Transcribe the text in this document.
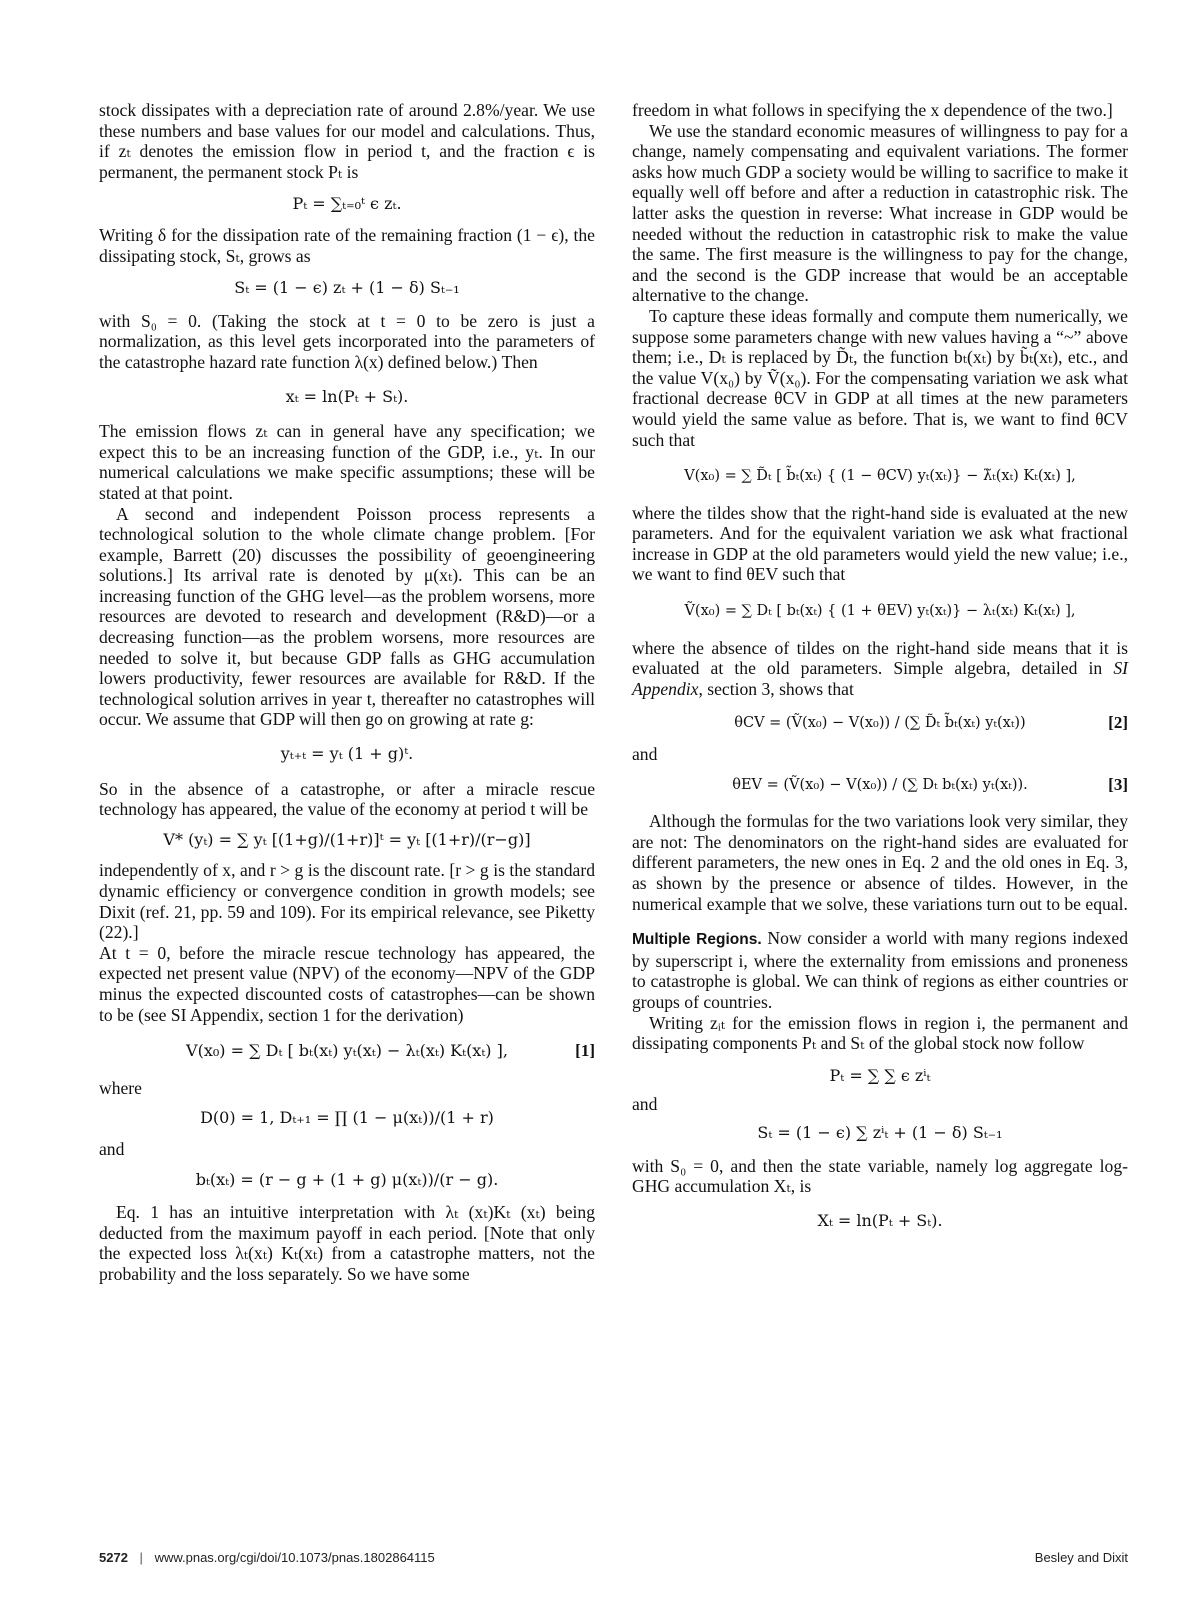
stock dissipates with a depreciation rate of around 2.8%/year. We use these numbers and base values for our model and calculations. Thus, if zₜ denotes the emission flow in period t, and the fraction ϵ is permanent, the permanent stock Pₜ is

Pₜ = ∑ₜ₌₀ᵗ ϵ zₜ.

Writing δ for the dissipation rate of the remaining fraction (1 − ϵ), the dissipating stock, Sₜ, grows as

Sₜ = (1 − ϵ) zₜ + (1 − δ) Sₜ₋₁

with S₀ = 0. (Taking the stock at t = 0 to be zero is just a normalization, as this level gets incorporated into the parameters of the catastrophe hazard rate function λ(x) defined below.) Then

xₜ = ln(Pₜ + Sₜ).

The emission flows zₜ can in general have any specification; we expect this to be an increasing function of the GDP, i.e., yₜ. In our numerical calculations we make specific assumptions; these will be stated at that point.

A second and independent Poisson process represents a technological solution to the whole climate change problem. [For example, Barrett (20) discusses the possibility of geoengineering solutions.] Its arrival rate is denoted by μ(xₜ). This can be an increasing function of the GHG level—as the problem worsens, more resources are devoted to research and development (R&D)—or a decreasing function—as the problem worsens, more resources are needed to solve it, but because GDP falls as GHG accumulation lowers productivity, fewer resources are available for R&D. If the technological solution arrives in year t, thereafter no catastrophes will occur. We assume that GDP will then go on growing at rate g:

yₜ₊ₜ = yₜ (1 + g)ᵗ.

So in the absence of a catastrophe, or after a miracle rescue technology has appeared, the value of the economy at period t will be

V* (yₜ) = ∑ yₜ [(1+g)/(1+r)]ᵗ = yₜ [(1+r)/(r−g)]

independently of x, and r > g is the discount rate. [r > g is the standard dynamic efficiency or convergence condition in growth models; see Dixit (ref. 21, pp. 59 and 109). For its empirical relevance, see Piketty (22).]

At t = 0, before the miracle rescue technology has appeared, the expected net present value (NPV) of the economy—NPV of the GDP minus the expected discounted costs of catastrophes—can be shown to be (see SI Appendix, section 1 for the derivation)

V(x₀) = ∑ Dₜ [ bₜ(xₜ) yₜ(xₜ) − λₜ(xₜ) Kₜ(xₜ) ],	[1]

where

D(0) = 1, Dₜ₊₁ = ∏ (1 − μ(xₜ))/(1 + r)

and

bₜ(xₜ) = (r − g + (1 + g) μ(xₜ))/(r − g).

Eq. 1 has an intuitive interpretation with λₜ (xₜ)Kₜ (xₜ) being deducted from the maximum payoff in each period. [Note that only the expected loss λₜ(xₜ) Kₜ(xₜ) from a catastrophe matters, not the probability and the loss separately. So we have some

freedom in what follows in specifying the x dependence of the two.]

We use the standard economic measures of willingness to pay for a change, namely compensating and equivalent variations. The former asks how much GDP a society would be willing to sacrifice to make it equally well off before and after a reduction in catastrophic risk. The latter asks the question in reverse: What increase in GDP would be needed without the reduction in catastrophic risk to make the value the same. The first measure is the willingness to pay for the change, and the second is the GDP increase that would be an acceptable alternative to the change.

To capture these ideas formally and compute them numerically, we suppose some parameters change with new values having a “~” above them; i.e., Dₜ is replaced by D̃ₜ, the function bₜ(xₜ) by b̃ₜ(xₜ), etc., and the value V(x₀) by Ṽ(x₀). For the compensating variation we ask what fractional decrease θCV in GDP at all times at the new parameters would yield the same value as before. That is, we want to find θCV such that

V(x₀) = ∑ D̃ₜ [ b̃ₜ(xₜ) { (1 − θCV) yₜ(xₜ)} − λ̃ₜ(xₜ) Kₜ(xₜ) ],

where the tildes show that the right-hand side is evaluated at the new parameters. And for the equivalent variation we ask what fractional increase in GDP at the old parameters would yield the new value; i.e., we want to find θEV such that

Ṽ(x₀) = ∑ Dₜ [ bₜ(xₜ) { (1 + θEV) yₜ(xₜ)} − λₜ(xₜ) Kₜ(xₜ) ],

where the absence of tildes on the right-hand side means that it is evaluated at the old parameters. Simple algebra, detailed in SI Appendix, section 3, shows that

θCV = (Ṽ(x₀) − V(x₀)) / (∑ D̃ₜ b̃ₜ(xₜ) yₜ(xₜ))	[2]

and

θEV = (Ṽ(x₀) − V(x₀)) / (∑ Dₜ bₜ(xₜ) yₜ(xₜ)).	[3]

Although the formulas for the two variations look very similar, they are not: The denominators on the right-hand sides are evaluated for different parameters, the new ones in Eq. 2 and the old ones in Eq. 3, as shown by the presence or absence of tildes. However, in the numerical example that we solve, these variations turn out to be equal.

Multiple Regions. Now consider a world with many regions indexed by superscript i, where the externality from emissions and proneness to catastrophe is global. We can think of regions as either countries or groups of countries.

Writing zᵢₜ for the emission flows in region i, the permanent and dissipating components Pₜ and Sₜ of the global stock now follow

Pₜ = ∑ ∑ ϵ zⁱₜ

and

Sₜ = (1 − ϵ) ∑ zⁱₜ + (1 − δ) Sₜ₋₁

with S₀ = 0, and then the state variable, namely log aggregate log-GHG accumulation Xₜ, is

Xₜ = ln(Pₜ + Sₜ).
5272 | www.pnas.org/cgi/doi/10.1073/pnas.1802864115	Besley and Dixit
